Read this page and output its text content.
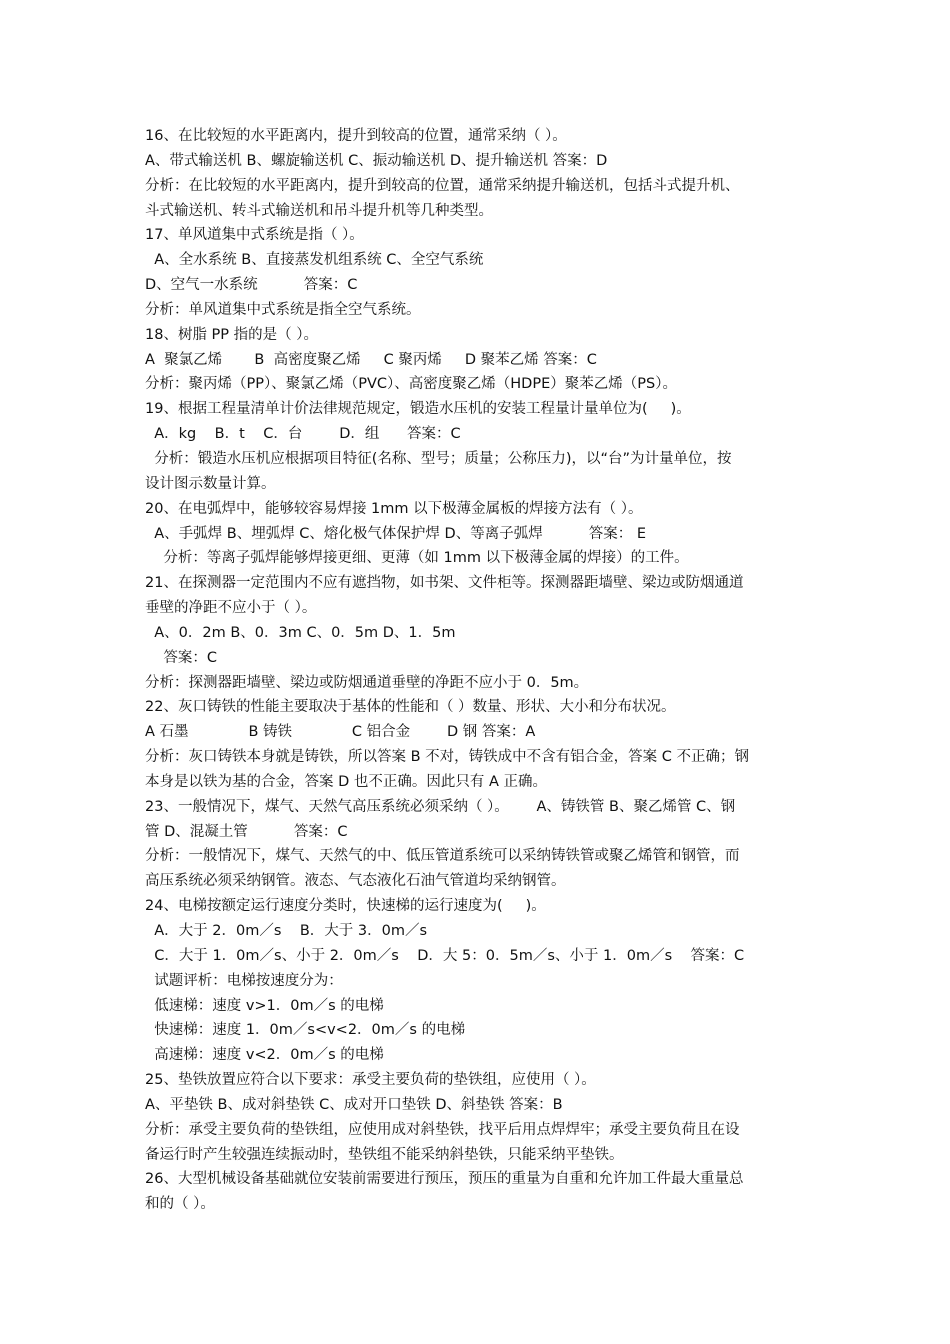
16、在比较短的水平距离内，提升到较高的位置，通常采纳（ ）。
A、带式输送机 B、螺旋输送机 C、振动输送机 D、提升输送机 答案：D
分析：在比较短的水平距离内，提升到较高的位置，通常采纳提升输送机，包括斗式提升机、
斗式输送机、转斗式输送机和吊斗提升机等几种类型。
17、单风道集中式系统是指（ ）。
A、全水系统 B、直接蒸发机组系统 C、全空气系统
D、空气一水系统          答案：C
分析：单风道集中式系统是指全空气系统。
18、树脂 PP 指的是（ ）。
A  聚氯乙烯       B  高密度聚乙烯     C 聚丙烯     D 聚苯乙烯 答案：C
分析：聚丙烯（PP）、聚氯乙烯（PVC）、高密度聚乙烯（HDPE）聚苯乙烯（PS）。
19、根据工程量清单计价法律规范规定，锻造水压机的安装工程量计量单位为(     )。
A．kg    B．t    C．台        D．组      答案：C
分析：锻造水压机应根据项目特征(名称、型号；质量；公称压力)，以“台”为计量单位，按
设计图示数量计算。
20、在电弧焊中，能够较容易焊接 1mm 以下极薄金属板的焊接方法有（ ）。
A、手弧焊 B、埋弧焊 C、熔化极气体保护焊 D、等离子弧焊          答案： E
分析：等离子弧焊能够焊接更细、更薄（如 1mm 以下极薄金属的焊接）的工件。
21、在探测器一定范围内不应有遮挡物，如书架、文件柜等。探测器距墙壁、梁边或防烟通道
垂壁的净距不应小于（ ）。
A、0．2m B、0．3m C、0．5m D、1．5m
答案：C
分析：探测器距墙壁、梁边或防烟通道垂壁的净距不应小于 0．5m。
22、灰口铸铁的性能主要取决于基体的性能和（ ）数量、形状、大小和分布状况。
A 石墨             B 铸铁             C 铝合金        D 钢 答案：A
分析：灰口铸铁本身就是铸铁，所以答案 B 不对，铸铁成中不含有铝合金，答案 C 不正确；钢
本身是以铁为基的合金，答案 D 也不正确。因此只有 A 正确。
23、一般情况下，煤气、天然气高压系统必须采纳（ ）。      A、铸铁管 B、聚乙烯管 C、钢
管 D、混凝土管          答案：C
分析：一般情况下，煤气、天然气的中、低压管道系统可以采纳铸铁管或聚乙烯管和钢管，而
高压系统必须采纳钢管。液态、气态液化石油气管道均采纳钢管。
24、电梯按额定运行速度分类时，快速梯的运行速度为(     )。
A．大于 2．0m／s    B．大于 3．0m／s
C．大于 1．0m／s、小于 2．0m／s    D．大 5：0．5m／s、小于 1．0m／s    答案：C
试题评析：电梯按速度分为：
低速梯：速度 v>1．0m／s 的电梯
快速梯：速度 1．0m／s<v<2．0m／s 的电梯
高速梯：速度 v<2．0m／s 的电梯
25、垫铁放置应符合以下要求：承受主要负荷的垫铁组，应使用（ ）。
A、平垫铁 B、成对斜垫铁 C、成对开口垫铁 D、斜垫铁 答案：B
分析：承受主要负荷的垫铁组，应使用成对斜垫铁，找平后用点焊焊牢；承受主要负荷且在设
备运行时产生较强连续振动时，垫铁组不能采纳斜垫铁，只能采纳平垫铁。
26、大型机械设备基础就位安装前需要进行预压，预压的重量为自重和允许加工件最大重量总
和的（ ）。
